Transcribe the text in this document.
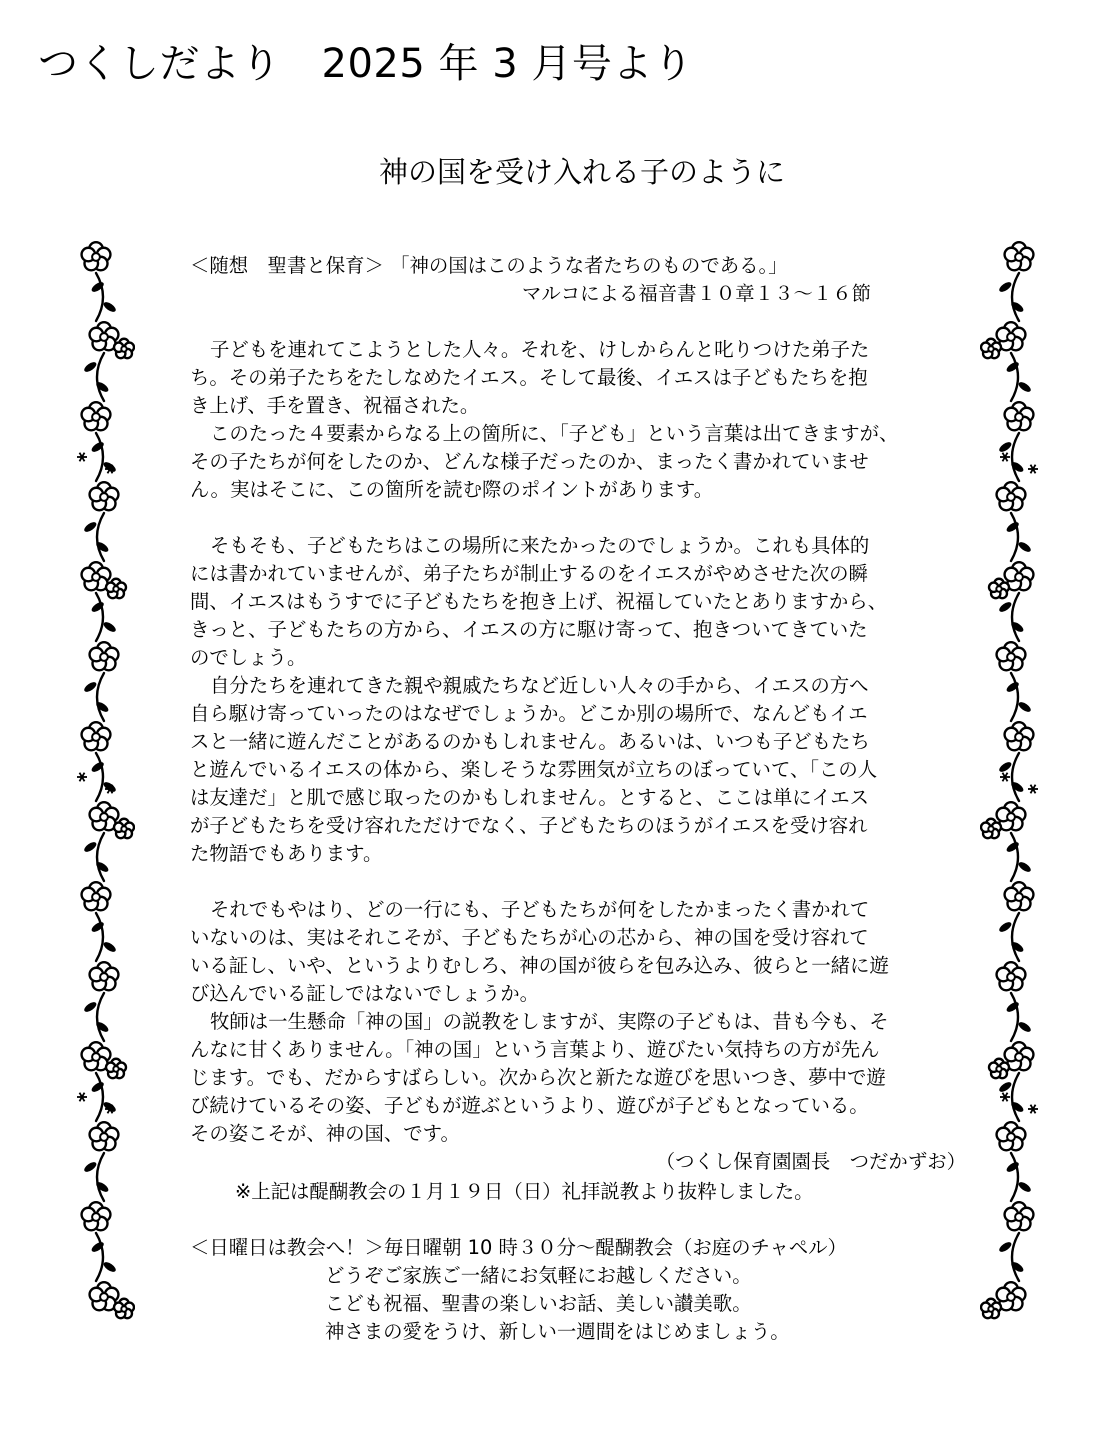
つくしだより　2025 年 3 月号より
神の国を受け入れる子のように
＜随想　聖書と保育＞ 「神の国はこのような者たちのものである。」
マルコによる福音書１０章１３～１６節
子どもを連れてこようとした人々。それを、けしからんと叱りつけた弟子た
ち。その弟子たちをたしなめたイエス。そして最後、イエスは子どもたちを抱
き上げ、手を置き、祝福された。
このたった４要素からなる上の箇所に、「子ども」という言葉は出てきますが、
その子たちが何をしたのか、どんな様子だったのか、まったく書かれていませ
ん。実はそこに、この箇所を読む際のポイントがあります。
そもそも、子どもたちはこの場所に来たかったのでしょうか。これも具体的
には書かれていませんが、弟子たちが制止するのをイエスがやめさせた次の瞬
間、イエスはもうすでに子どもたちを抱き上げ、祝福していたとありますから、
きっと、子どもたちの方から、イエスの方に駆け寄って、抱きついてきていた
のでしょう。
自分たちを連れてきた親や親戚たちなど近しい人々の手から、イエスの方へ
自ら駆け寄っていったのはなぜでしょうか。どこか別の場所で、なんどもイエ
スと一緒に遊んだことがあるのかもしれません。あるいは、いつも子どもたち
と遊んでいるイエスの体から、楽しそうな雰囲気が立ちのぼっていて、「この人
は友達だ」と肌で感じ取ったのかもしれません。とすると、ここは単にイエス
が子どもたちを受け容れただけでなく、子どもたちのほうがイエスを受け容れ
た物語でもあります。
それでもやはり、どの一行にも、子どもたちが何をしたかまったく書かれて
いないのは、実はそれこそが、子どもたちが心の芯から、神の国を受け容れて
いる証し、いや、というよりむしろ、神の国が彼らを包み込み、彼らと一緒に遊
び込んでいる証しではないでしょうか。
牧師は一生懸命「神の国」の説教をしますが、実際の子どもは、昔も今も、そ
んなに甘くありません。「神の国」という言葉より、遊びたい気持ちの方が先ん
じます。でも、だからすばらしい。次から次と新たな遊びを思いつき、夢中で遊
び続けているその姿、子どもが遊ぶというより、遊びが子どもとなっている。
その姿こそが、神の国、です。
（つくし保育園園長　つだかずお）
※上記は醍醐教会の１月１９日（日）礼拝説教より抜粋しました。
＜日曜日は教会へ！＞毎日曜朝 10 時３０分～醍醐教会（お庭のチャペル）
どうぞご家族ご一緒にお気軽にお越しください。
こども祝福、聖書の楽しいお話、美しい讃美歌。
神さまの愛をうけ、新しい一週間をはじめましょう。
